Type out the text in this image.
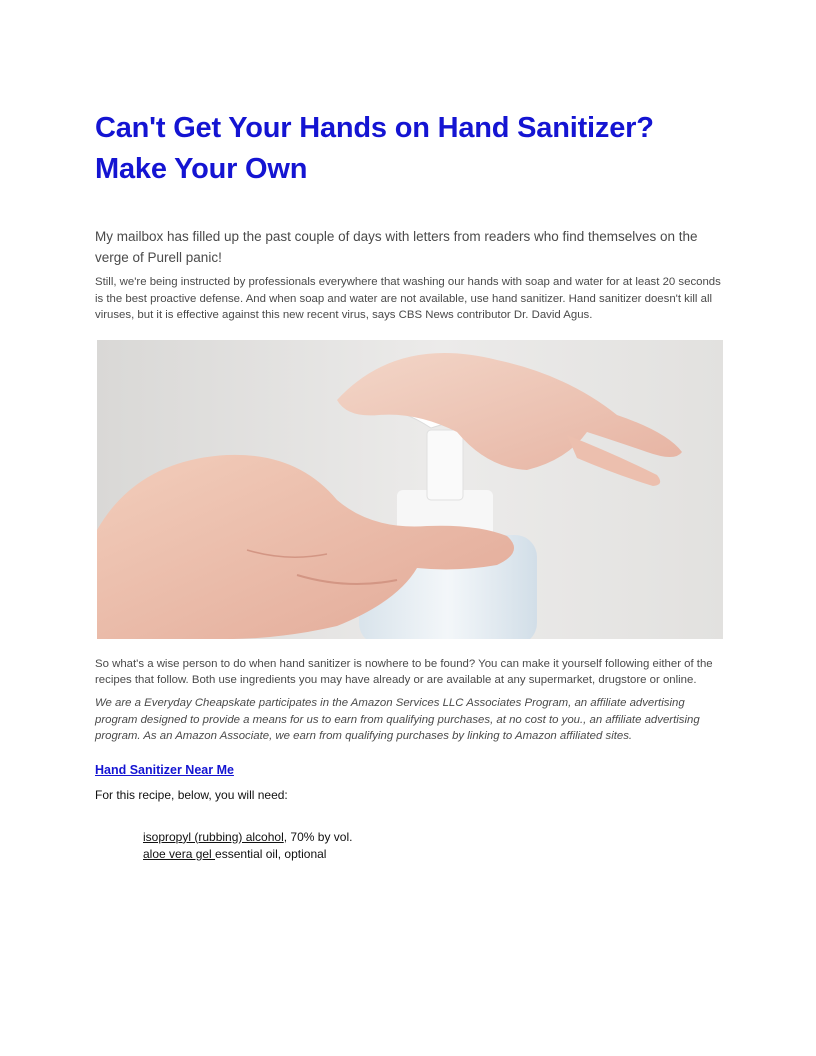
Can't Get Your Hands on Hand Sanitizer?
Make Your Own

My mailbox has filled up the past couple of days with letters from readers who find themselves on the verge of Purell panic!

Still, we're being instructed by professionals everywhere that washing our hands with soap and water for at least 20 seconds is the best proactive defense. And when soap and water are not available, use hand sanitizer. Hand sanitizer doesn't kill all viruses, but it is effective against this new recent virus, says CBS News contributor Dr. David Agus.

So what's a wise person to do when hand sanitizer is nowhere to be found? You can make it yourself following either of the recipes that follow. Both use ingredients you may have already or are available at any supermarket, drugstore or online.

We are a Everyday Cheapskate participates in the Amazon Services LLC Associates Program, an affiliate advertising program designed to provide a means for us to earn from qualifying purchases, at no cost to you., an affiliate advertising program. As an Amazon Associate, we earn from qualifying purchases by linking to Amazon affiliated sites.

Hand Sanitizer Near Me

For this recipe, below, you will need:

isopropyl (rubbing) alcohol, 70% by vol.
aloe vera gel essential oil, optional
